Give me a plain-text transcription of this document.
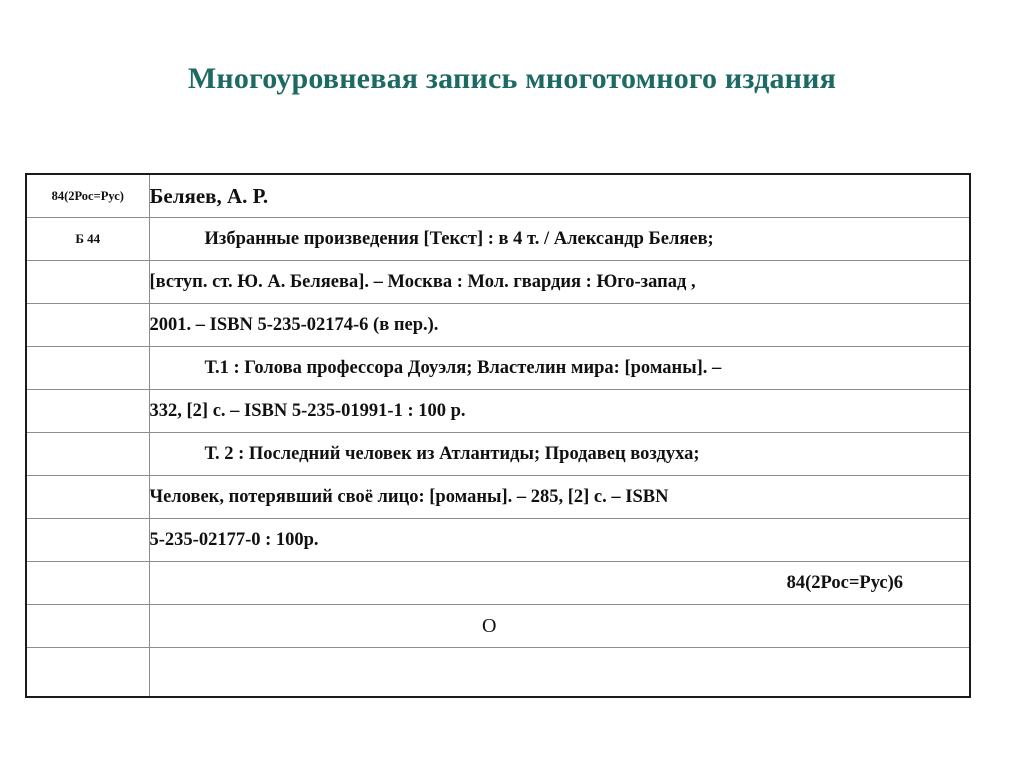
Многоуровневая запись многотомного издания
84(2Рос=Рус)	Беляев, А. Р.
Б 44	Избранные произведения [Текст] : в 4 т. / Александр Беляев;
	[вступ. ст. Ю. А. Беляева]. – Москва : Мол. гвардия : Юго-запад ,
	2001. – ISBN 5-235-02174-6 (в пер.).
	Т.1 : Голова профессора Доуэля; Властелин мира: [романы]. –
	332, [2] с. – ISBN 5-235-01991-1 : 100 р.
	Т. 2 : Последний человек из Атлантиды; Продавец воздуха;
	Человек, потерявший своё лицо: [романы]. – 285, [2] с. – ISBN
	5-235-02177-0 : 100р.
	84(2Рос=Рус)6
	О
